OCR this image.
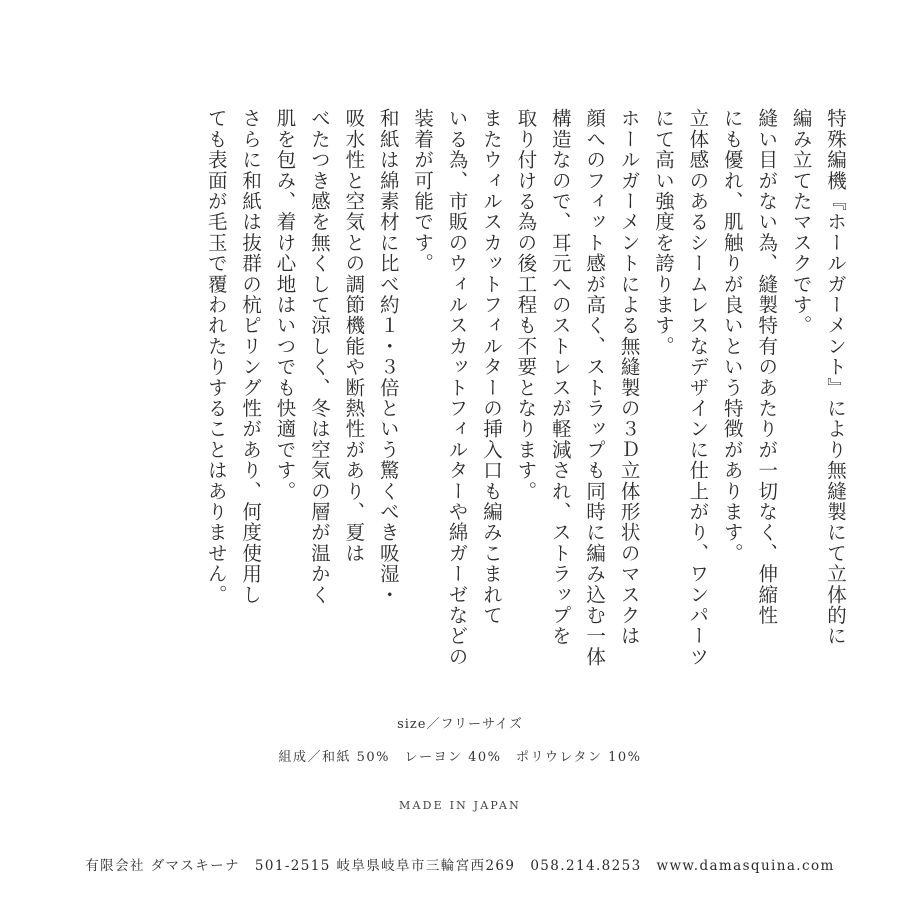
特殊編機『ホールガーメント』により無縫製にて立体的に

編み立てたマスクです。

縫い目がない為、縫製特有のあたりが一切なく、伸縮性

にも優れ、肌触りが良いという特徴があります。

立体感のあるシームレスなデザインに仕上がり、ワンパーツ

にて高い強度を誇ります。

ホールガーメントによる無縫製の３Ｄ立体形状のマスクは

顔へのフィット感が高く、ストラップも同時に編み込む一体

構造なので、耳元へのストレスが軽減され、ストラップを

取り付ける為の後工程も不要となります。

またウィルスカットフィルターの挿入口も編みこまれて

いる為、市販のウィルスカットフィルターや綿ガーゼなどの

装着が可能です。

和紙は綿素材に比べ約１・３倍という驚くべき吸湿・

吸水性と空気との調節機能や断熱性があり、夏は

べたつき感を無くして涼しく、冬は空気の層が温かく

肌を包み、着け心地はいつでも快適です。

さらに和紙は抜群の杭ピリング性があり、何度使用し

ても表面が毛玉で覆われたりすることはありません。

size／フリーサイズ
組成／和紙 50%　レーヨン 40%　ポリウレタン 10%
MADE IN JAPAN
有限会社 ダマスキーナ　501-2515 岐阜県岐阜市三輪宮西269　058.214.8253　www.damasquina.com
